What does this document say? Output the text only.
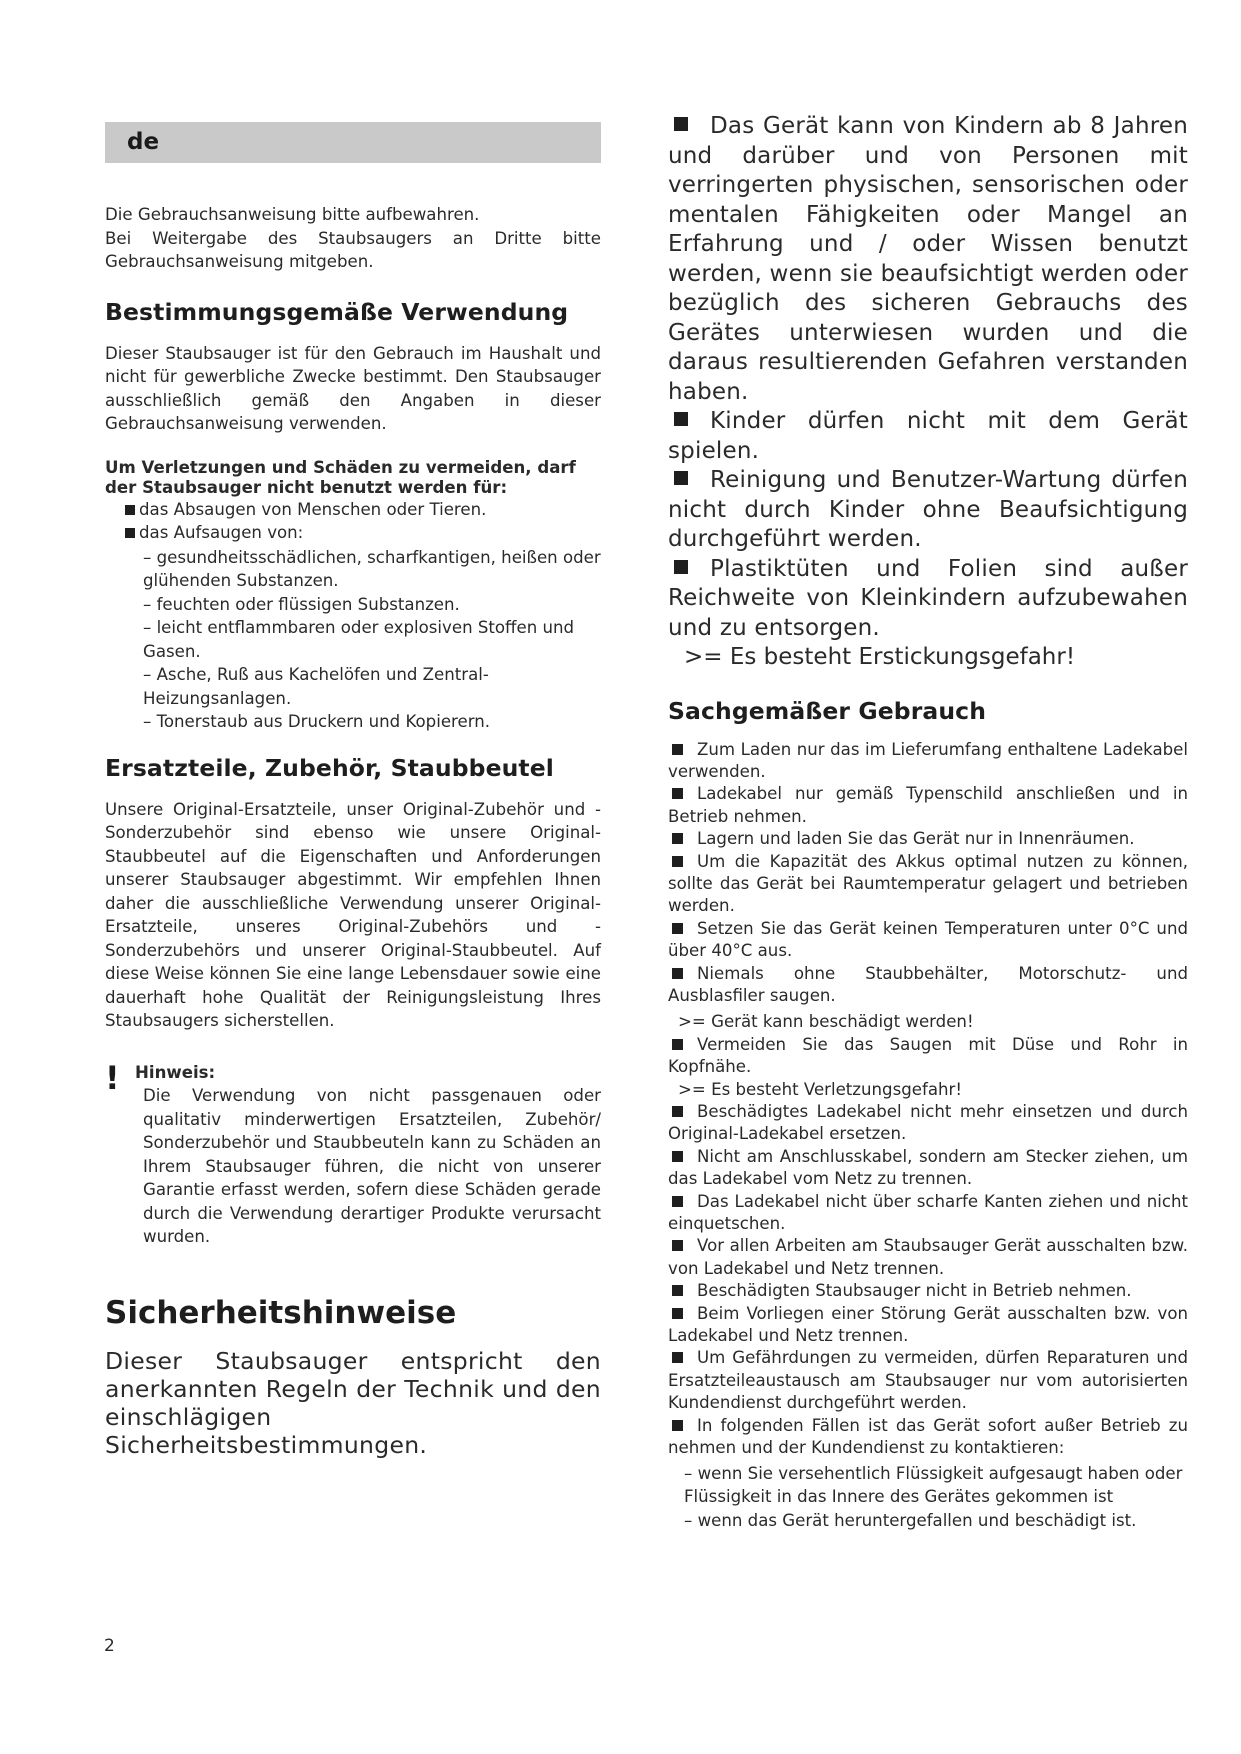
de

Die Gebrauchsanweisung bitte aufbewahren.

Bei Weitergabe des Staubsaugers an Dritte bitte Gebrauchsanweisung mitgeben.

Bestimmungsgemäße Verwendung

Dieser Staubsauger ist für den Gebrauch im Haushalt und nicht für gewerbliche Zwecke bestimmt. Den Staubsauger ausschließlich gemäß den Angaben in dieser Gebrauchsanweisung verwenden.

Um Verletzungen und Schäden zu vermeiden, darf der Staubsauger nicht benutzt werden für:
das Absaugen von Menschen oder Tieren.
das Aufsaugen von:
– gesundheitsschädlichen, scharfkantigen, heißen oder glühenden Substanzen.
– feuchten oder flüssigen Substanzen.
– leicht entflammbaren oder explosiven Stoffen und Gasen.
– Asche, Ruß aus Kachelöfen und Zentral- Heizungsanlagen.
– Tonerstaub aus Druckern und Kopierern.
Ersatzteile, Zubehör, Staubbeutel

Unsere Original-Ersatzteile, unser Original-Zubehör und -Sonderzubehör sind ebenso wie unsere Original-Staubbeutel auf die Eigenschaften und Anforderungen unserer Staubsauger abgestimmt. Wir empfehlen Ihnen daher die ausschließliche Verwendung unserer Original-Ersatzteile, unseres Original-Zubehörs und -Sonderzubehörs und unserer Original-Staubbeutel. Auf diese Weise können Sie eine lange Lebensdauer sowie eine dauerhaft hohe Qualität der Reinigungsleistung Ihres Staubsaugers sicherstellen.

! Hinweis:

Die Verwendung von nicht passgenauen oder qualitativ minderwertigen Ersatzteilen, Zubehör/ Sonderzubehör und Staubbeuteln kann zu Schäden an Ihrem Staubsauger führen, die nicht von unserer Garantie erfasst werden, sofern diese Schäden gerade durch die Verwendung derartiger Produkte verursacht wurden.

Sicherheitshinweise

Dieser Staubsauger entspricht den anerkannten Regeln der Technik und den einschlägigen Sicherheitsbestimmungen.

Das Gerät kann von Kindern ab 8 Jahren und darüber und von Personen mit verringerten physischen, sensorischen oder mentalen Fähigkeiten oder Mangel an Erfahrung und / oder Wissen benutzt werden, wenn sie beaufsichtigt werden oder bezüglich des sicheren Gebrauchs des Gerätes unterwiesen wurden und die daraus resultierenden Gefahren verstanden haben.
Kinder dürfen nicht mit dem Gerät spielen.
Reinigung und Benutzer-Wartung dürfen nicht durch Kinder ohne Beaufsichtigung durchgeführt werden.
Plastiktüten und Folien sind außer Reichweite von Kleinkindern aufzubewahen und zu entsorgen.
>= Es besteht Erstickungsgefahr!
Sachgemäßer Gebrauch
Zum Laden nur das im Lieferumfang enthaltene Ladekabel verwenden.
Ladekabel nur gemäß Typenschild anschließen und in Betrieb nehmen.
Lagern und laden Sie das Gerät nur in Innenräumen.
Um die Kapazität des Akkus optimal nutzen zu können, sollte das Gerät bei Raumtemperatur gelagert und betrieben werden.
Setzen Sie das Gerät keinen Temperaturen unter 0°C und über 40°C aus.
Niemals ohne Staubbehälter, Motorschutz- und Ausblasfiler saugen.
>= Gerät kann beschädigt werden!
Vermeiden Sie das Saugen mit Düse und Rohr in Kopfnähe.
>= Es besteht Verletzungsgefahr!
Beschädigtes Ladekabel nicht mehr einsetzen und durch Original-Ladekabel ersetzen.
Nicht am Anschlusskabel, sondern am Stecker ziehen, um das Ladekabel vom Netz zu trennen.
Das Ladekabel nicht über scharfe Kanten ziehen und nicht einquetschen.
Vor allen Arbeiten am Staubsauger Gerät ausschalten bzw. von Ladekabel und Netz trennen.
Beschädigten Staubsauger nicht in Betrieb nehmen.
Beim Vorliegen einer Störung Gerät ausschalten bzw. von Ladekabel und Netz trennen.
Um Gefährdungen zu vermeiden, dürfen Reparaturen und Ersatzteileaustausch am Staubsauger nur vom autorisierten Kundendienst durchgeführt werden.
In folgenden Fällen ist das Gerät sofort außer Betrieb zu nehmen und der Kundendienst zu kontaktieren:
– wenn Sie versehentlich Flüssigkeit aufgesaugt haben oder Flüssigkeit in das Innere des Gerätes gekommen ist
– wenn das Gerät heruntergefallen und beschädigt ist.
2
